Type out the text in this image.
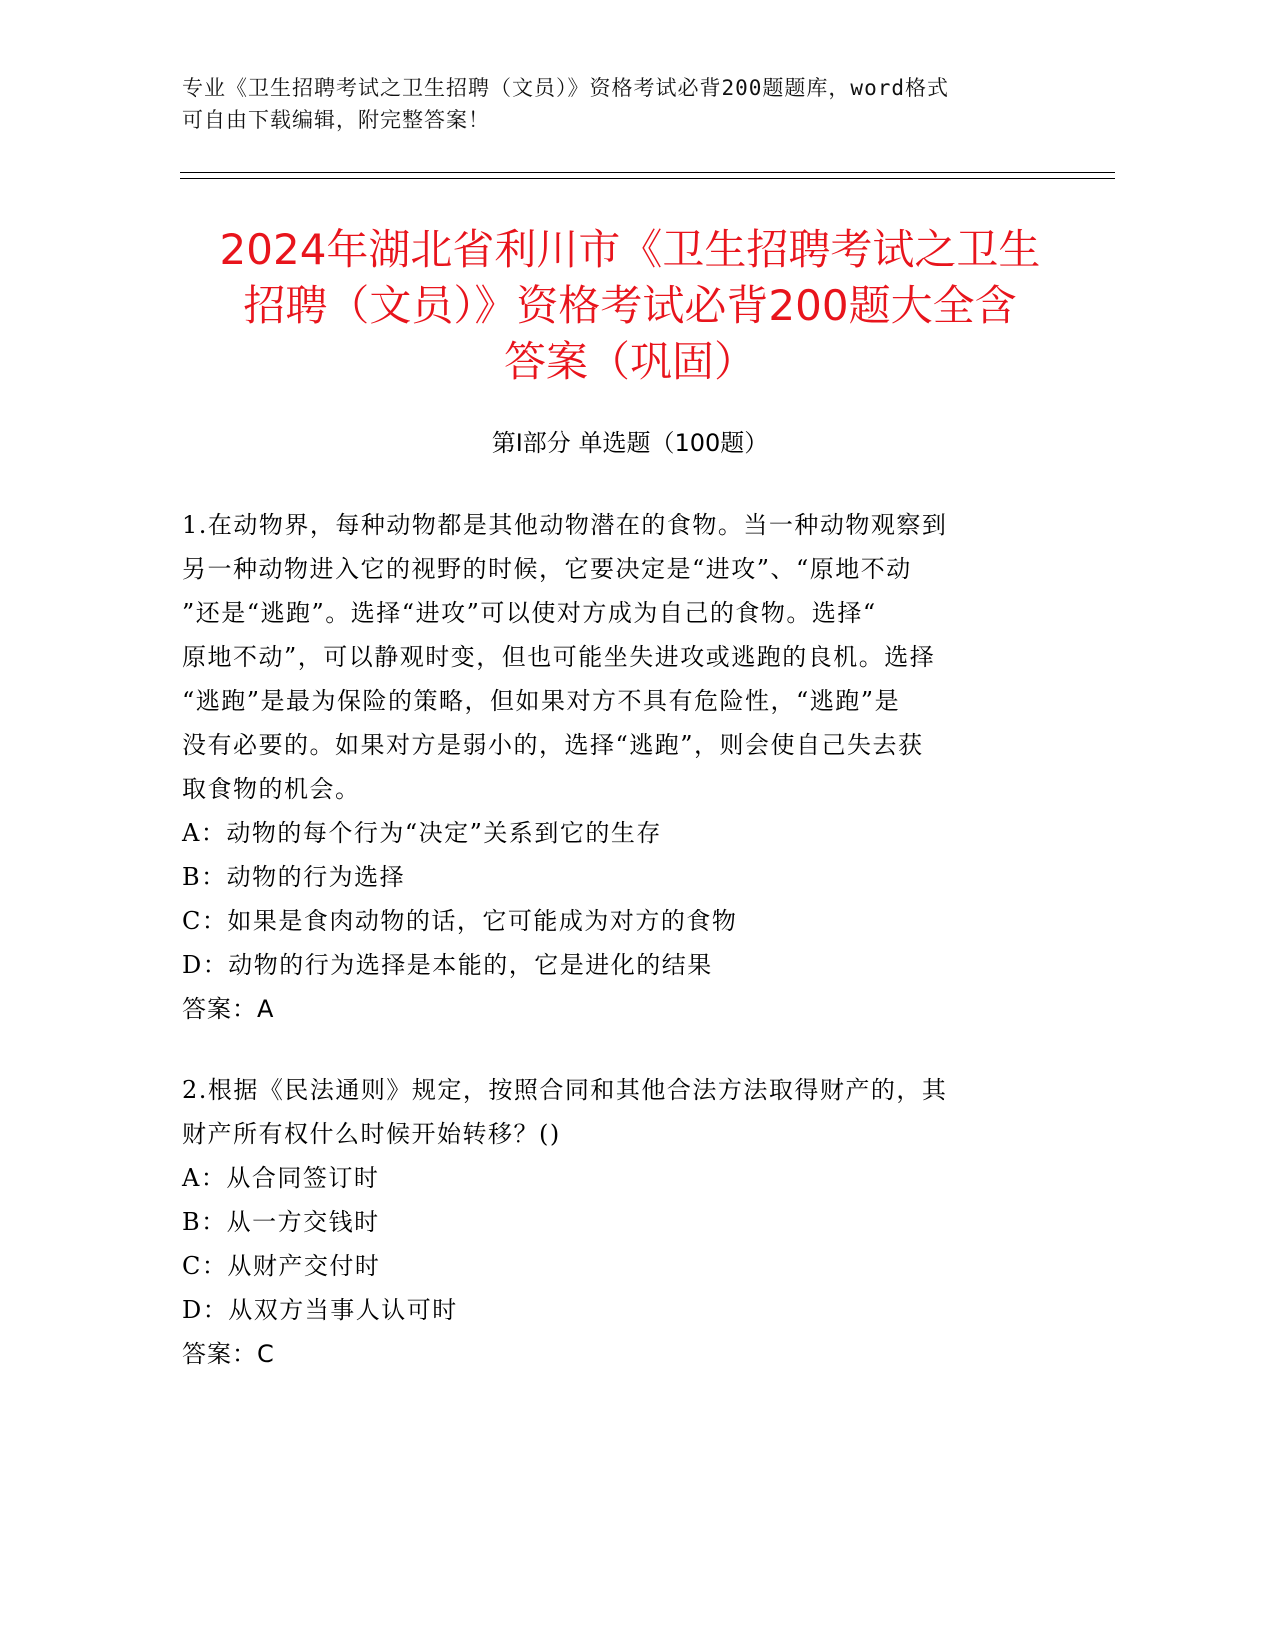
专业《卫生招聘考试之卫生招聘（文员）》资格考试必背200题题库，word格式
可自由下载编辑，附完整答案！
2024年湖北省利川市《卫生招聘考试之卫生
招聘（文员）》资格考试必背200题大全含
答案（巩固）
第Ⅰ部分 单选题（100题）
1.在动物界，每种动物都是其他动物潜在的食物。当一种动物观察到
另一种动物进入它的视野的时候，它要决定是“进攻”、“原地不动
”还是“逃跑”。选择“进攻”可以使对方成为自己的食物。选择“
原地不动”，可以静观时变，但也可能坐失进攻或逃跑的良机。选择
“逃跑”是最为保险的策略，但如果对方不具有危险性，“逃跑”是
没有必要的。如果对方是弱小的，选择“逃跑”，则会使自己失去获
取食物的机会。
A：动物的每个行为“决定”关系到它的生存
B：动物的行为选择
C：如果是食肉动物的话，它可能成为对方的食物
D：动物的行为选择是本能的，它是进化的结果
答案：A
2.根据《民法通则》规定，按照合同和其他合法方法取得财产的，其
财产所有权什么时候开始转移？()
A：从合同签订时
B：从一方交钱时
C：从财产交付时
D：从双方当事人认可时
答案：C
